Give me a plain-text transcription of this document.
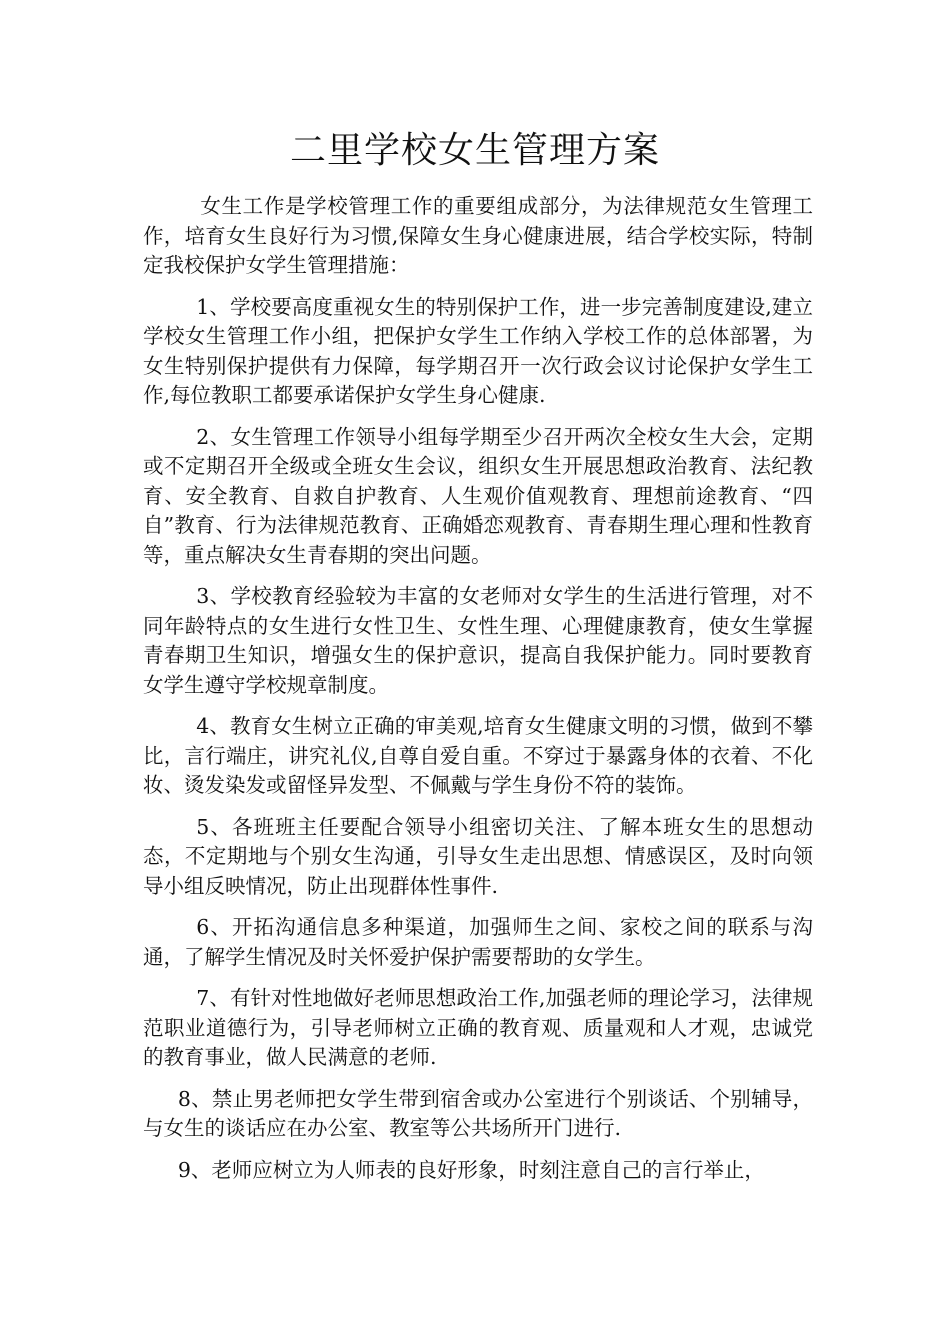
二里学校女生管理方案

女生工作是学校管理工作的重要组成部分，为法律规范女生管理工作，培育女生良好行为习惯,保障女生身心健康进展，结合学校实际，特制定我校保护女学生管理措施：

1、学校要高度重视女生的特别保护工作，进一步完善制度建设,建立学校女生管理工作小组，把保护女学生工作纳入学校工作的总体部署，为女生特别保护提供有力保障，每学期召开一次行政会议讨论保护女学生工作,每位教职工都要承诺保护女学生身心健康.

2、女生管理工作领导小组每学期至少召开两次全校女生大会，定期或不定期召开全级或全班女生会议，组织女生开展思想政治教育、法纪教育、安全教育、自救自护教育、人生观价值观教育、理想前途教育、“四自”教育、行为法律规范教育、正确婚恋观教育、青春期生理心理和性教育等，重点解决女生青春期的突出问题。

3、学校教育经验较为丰富的女老师对女学生的生活进行管理，对不同年龄特点的女生进行女性卫生、女性生理、心理健康教育，使女生掌握青春期卫生知识，增强女生的保护意识，提高自我保护能力。同时要教育女学生遵守学校规章制度。

4、教育女生树立正确的审美观,培育女生健康文明的习惯，做到不攀比，言行端庄，讲究礼仪,自尊自爱自重。不穿过于暴露身体的衣着、不化妆、烫发染发或留怪异发型、不佩戴与学生身份不符的装饰。

5、各班班主任要配合领导小组密切关注、了解本班女生的思想动态，不定期地与个别女生沟通，引导女生走出思想、情感误区，及时向领导小组反映情况，防止出现群体性事件.

6、开拓沟通信息多种渠道，加强师生之间、家校之间的联系与沟通，了解学生情况及时关怀爱护保护需要帮助的女学生。

7、有针对性地做好老师思想政治工作,加强老师的理论学习，法律规范职业道德行为，引导老师树立正确的教育观、质量观和人才观，忠诚党的教育事业，做人民满意的老师.

8、禁止男老师把女学生带到宿舍或办公室进行个别谈话、个别辅导，与女生的谈话应在办公室、教室等公共场所开门进行.

9、老师应树立为人师表的良好形象，时刻注意自己的言行举止，
